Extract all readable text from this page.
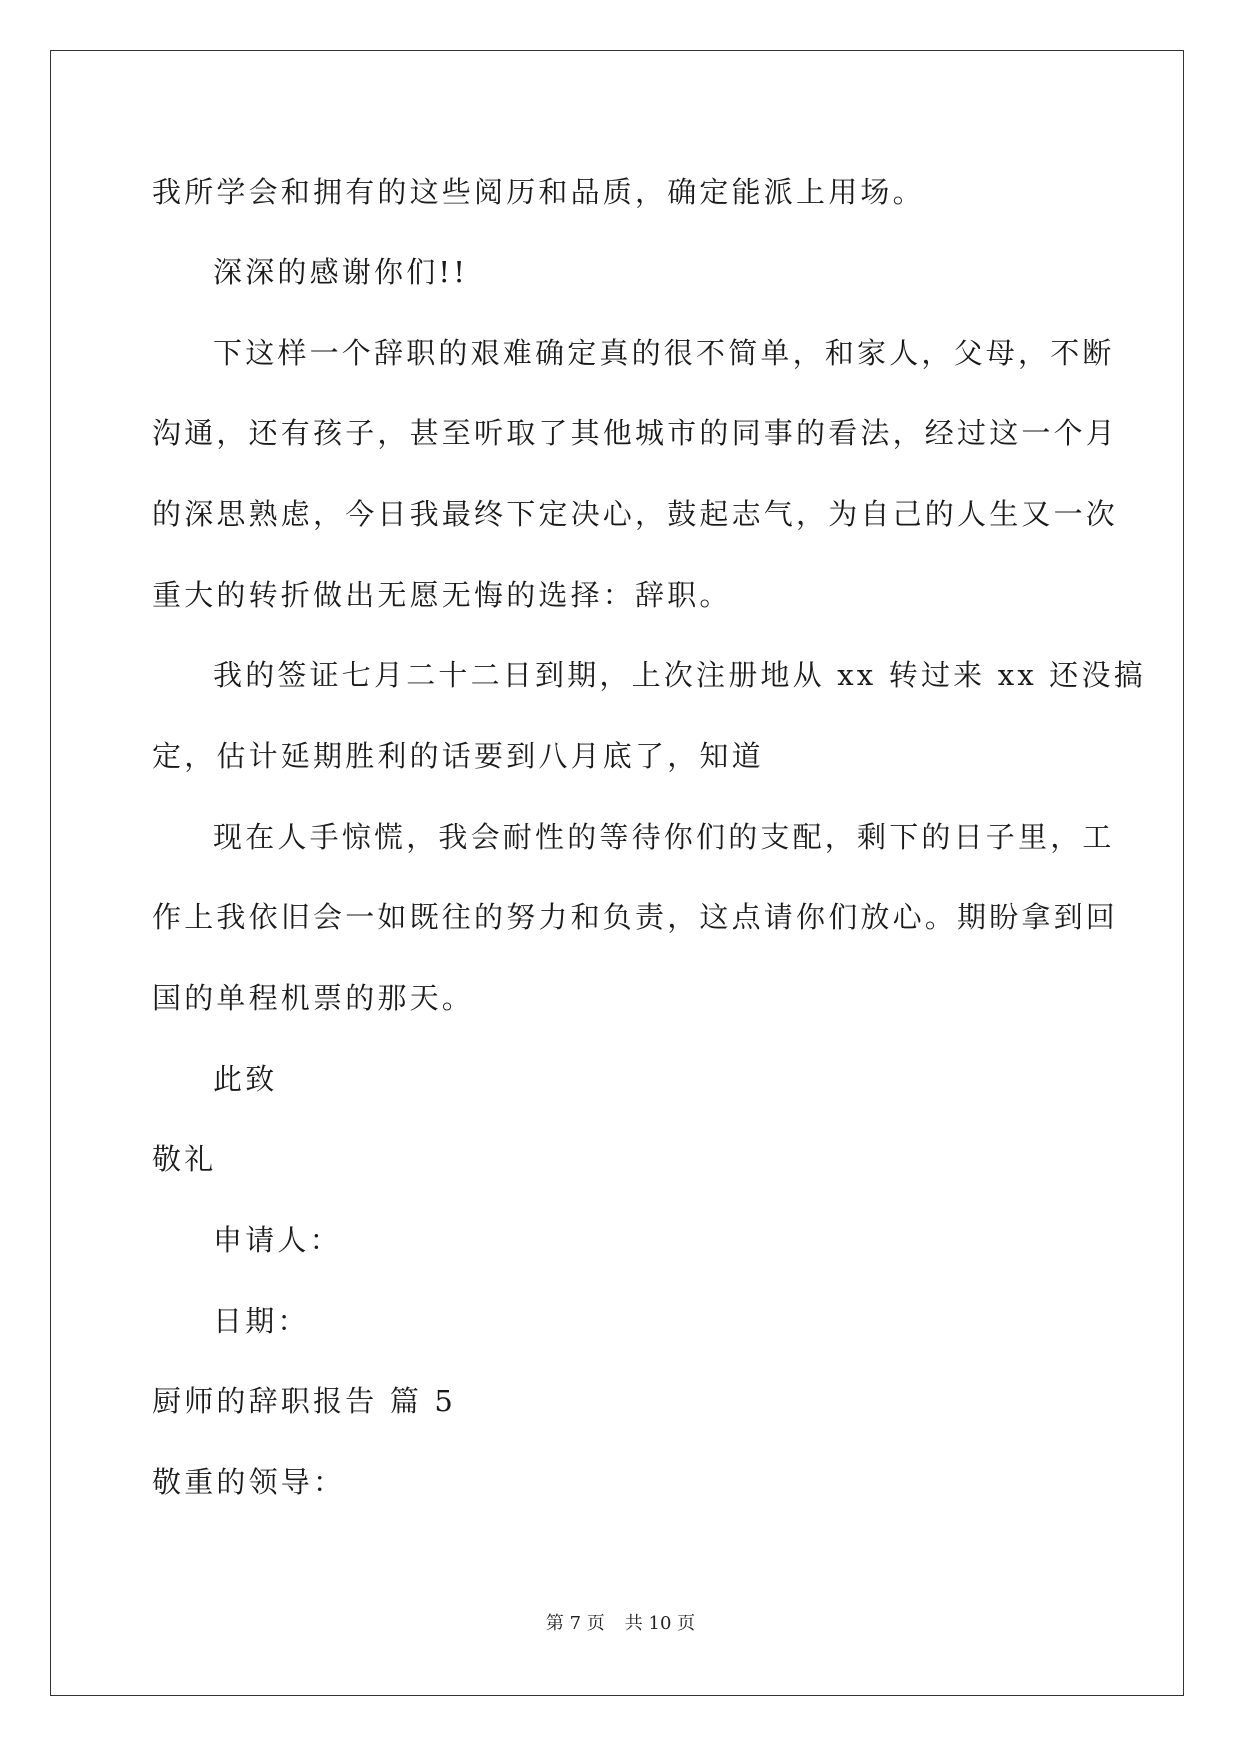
我所学会和拥有的这些阅历和品质，确定能派上用场。
深深的感谢你们!!
下这样一个辞职的艰难确定真的很不简单，和家人，父母，不断
沟通，还有孩子，甚至听取了其他城市的同事的看法，经过这一个月
的深思熟虑，今日我最终下定决心，鼓起志气，为自己的人生又一次
重大的转折做出无愿无悔的选择：辞职。
我的签证七月二十二日到期，上次注册地从 xx 转过来 xx 还没搞
定，估计延期胜利的话要到八月底了，知道
现在人手惊慌，我会耐性的等待你们的支配，剩下的日子里，工
作上我依旧会一如既往的努力和负责，这点请你们放心。期盼拿到回
国的单程机票的那天。
此致
敬礼
申请人：
日期：
厨师的辞职报告 篇 5
敬重的领导：
第 7 页 共 10 页
